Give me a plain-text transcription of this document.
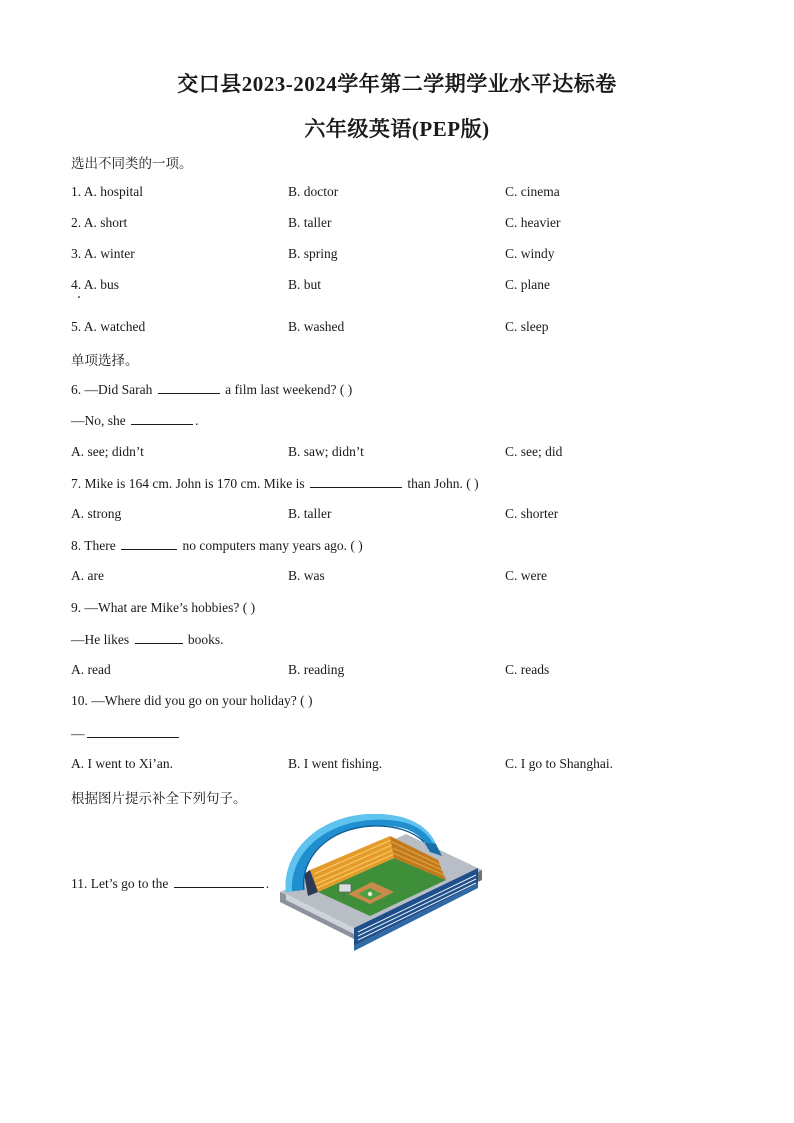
交口县2023-2024学年第二学期学业水平达标卷
六年级英语(PEP版)
选出不同类的一项。
1. A. hospital	B. doctor	C. cinema
2. A. short	B. taller	C. heavier
3. A. winter	B. spring	C. windy
4. A. bus	B. but	C. plane
5. A. watched	B. washed	C. sleep
单项选择。
6. —Did Sarah	a film last weekend? ( )
—No, she	.
A. see; didn’t	B. saw; didn’t	C. see; did
7. Mike is 164 cm. John is 170 cm. Mike is	than John. ( )
A. strong	B. taller	C. shorter
8. There	no computers many years ago. ( )
A. are	B. was	C. were
9. —What are Mike’s hobbies? ( )
—He likes	books.
A. read	B. reading	C. reads
10. —Where did you go on your holiday? ( )
—
A. I went to Xi’an.	B. I went fishing.	C. I go to Shanghai.
根据图片提示补全下列句子。
11. Let’s go to the	.
